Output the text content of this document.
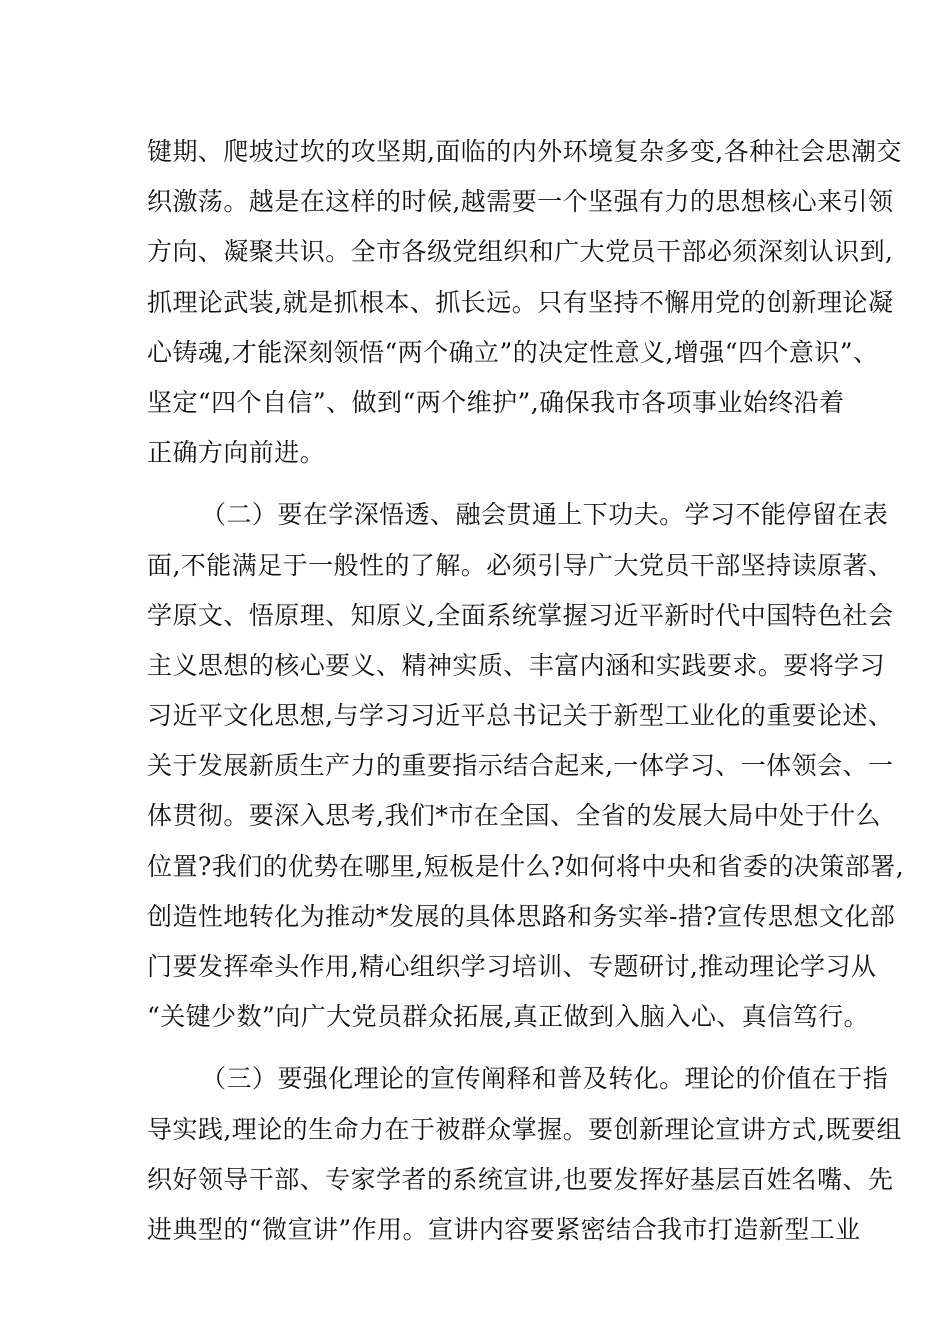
键期、爬坡过坎的攻坚期,面临的内外环境复杂多变,各种社会思潮交
织激荡。越是在这样的时候,越需要一个坚强有力的思想核心来引领
方向、凝聚共识。全市各级党组织和广大党员干部必须深刻认识到,
抓理论武装,就是抓根本、抓长远。只有坚持不懈用党的创新理论凝
心铸魂,才能深刻领悟“两个确立”的决定性意义,增强“四个意识”、
坚定“四个自信”、做到“两个维护”,确保我市各项事业始终沿着
正确方向前进。
（二）要在学深悟透、融会贯通上下功夫。学习不能停留在表
面,不能满足于一般性的了解。必须引导广大党员干部坚持读原著、
学原文、悟原理、知原义,全面系统掌握习近平新时代中国特色社会
主义思想的核心要义、精神实质、丰富内涵和实践要求。要将学习
习近平文化思想,与学习习近平总书记关于新型工业化的重要论述、
关于发展新质生产力的重要指示结合起来,一体学习、一体领会、一
体贯彻。要深入思考,我们*市在全国、全省的发展大局中处于什么
位置?我们的优势在哪里,短板是什么?如何将中央和省委的决策部署,
创造性地转化为推动*发展的具体思路和务实举-措?宣传思想文化部
门要发挥牵头作用,精心组织学习培训、专题研讨,推动理论学习从
“关键少数”向广大党员群众拓展,真正做到入脑入心、真信笃行。
（三）要强化理论的宣传阐释和普及转化。理论的价值在于指
导实践,理论的生命力在于被群众掌握。要创新理论宣讲方式,既要组
织好领导干部、专家学者的系统宣讲,也要发挥好基层百姓名嘴、先
进典型的“微宣讲”作用。宣讲内容要紧密结合我市打造新型工业
